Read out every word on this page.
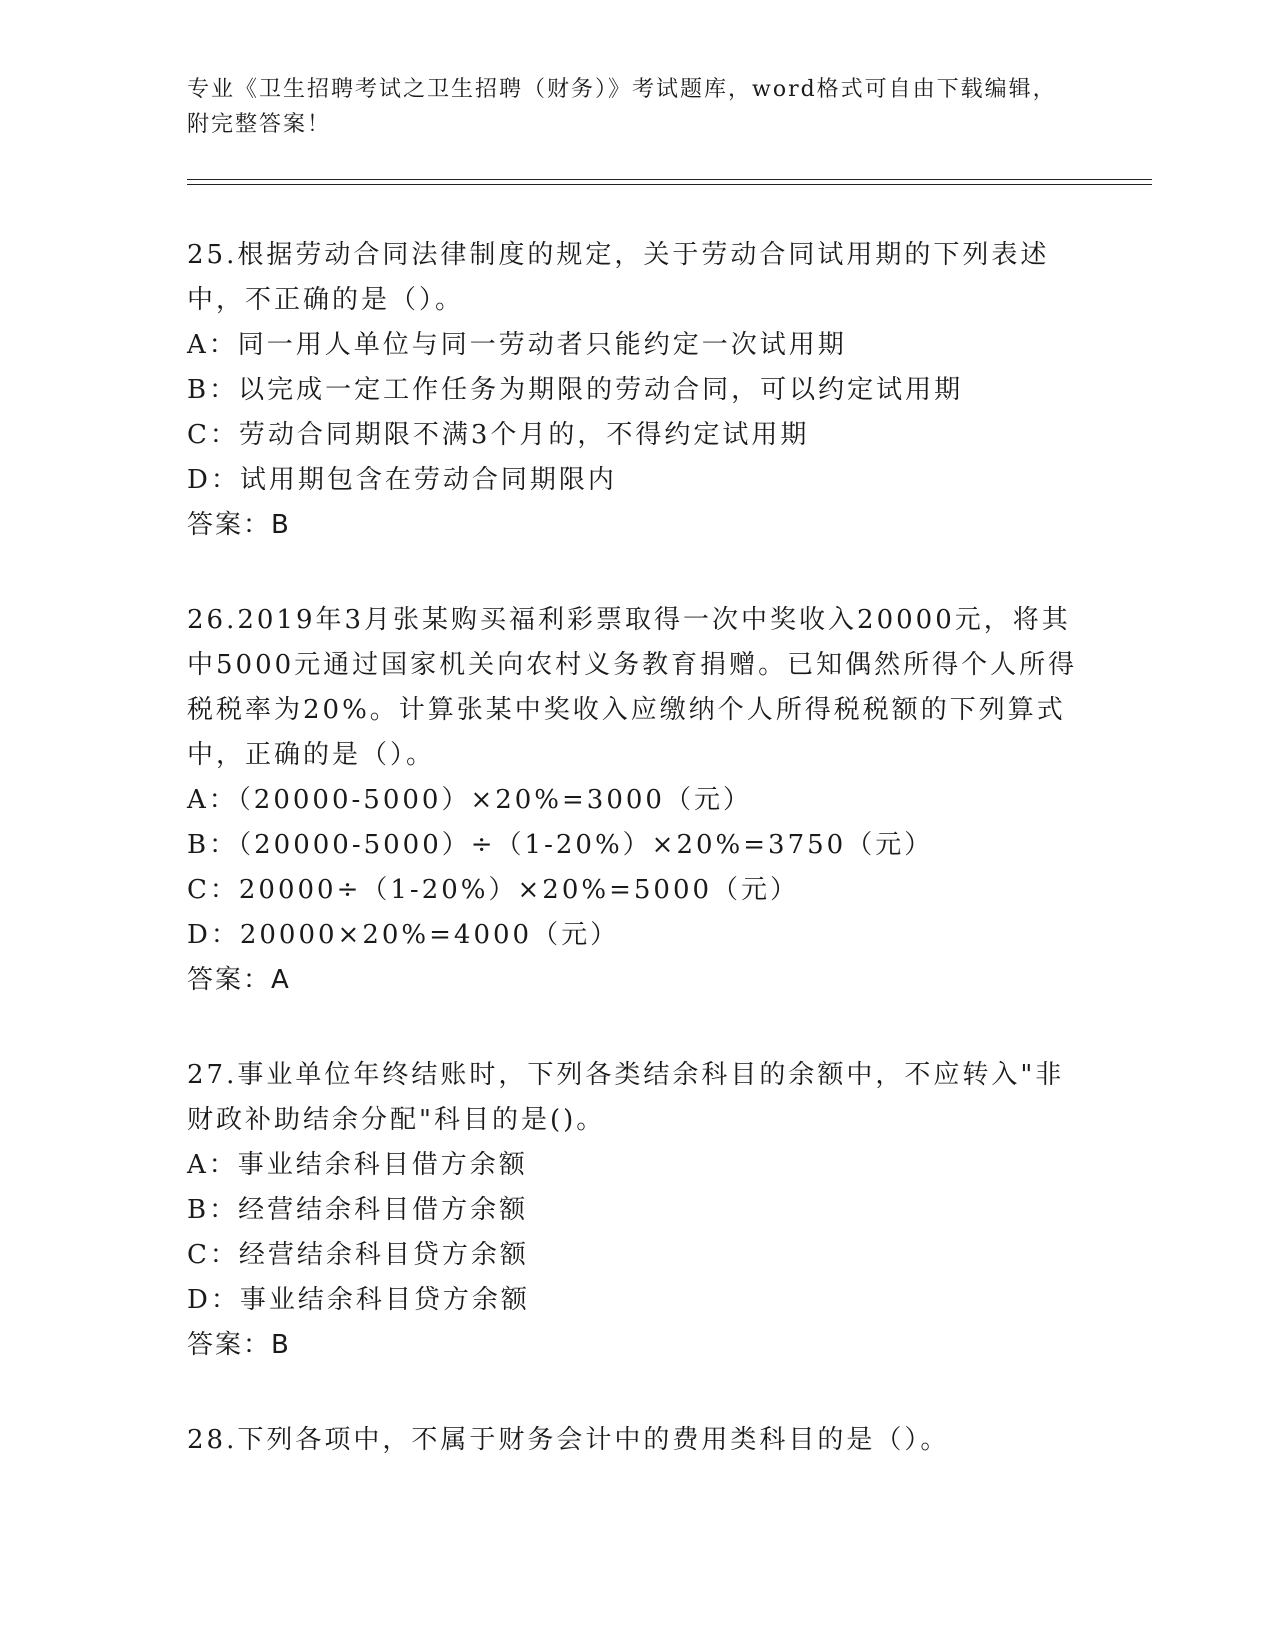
专业《卫生招聘考试之卫生招聘（财务）》考试题库，word格式可自由下载编辑，附完整答案！
25.根据劳动合同法律制度的规定，关于劳动合同试用期的下列表述中，不正确的是（）。
A：同一用人单位与同一劳动者只能约定一次试用期
B：以完成一定工作任务为期限的劳动合同，可以约定试用期
C：劳动合同期限不满3个月的，不得约定试用期
D：试用期包含在劳动合同期限内
答案：B
26.2019年3月张某购买福利彩票取得一次中奖收入20000元，将其中5000元通过国家机关向农村义务教育捐赠。已知偶然所得个人所得税税率为20%。计算张某中奖收入应缴纳个人所得税税额的下列算式中，正确的是（）。
A：（20000-5000）×20%=3000（元）
B：（20000-5000）÷（1-20%）×20%=3750（元）
C：20000÷（1-20%）×20%=5000（元）
D：20000×20%=4000（元）
答案：A
27.事业单位年终结账时，下列各类结余科目的余额中，不应转入"非财政补助结余分配"科目的是()。
A：事业结余科目借方余额
B：经营结余科目借方余额
C：经营结余科目贷方余额
D：事业结余科目贷方余额
答案：B
28.下列各项中，不属于财务会计中的费用类科目的是（）。
